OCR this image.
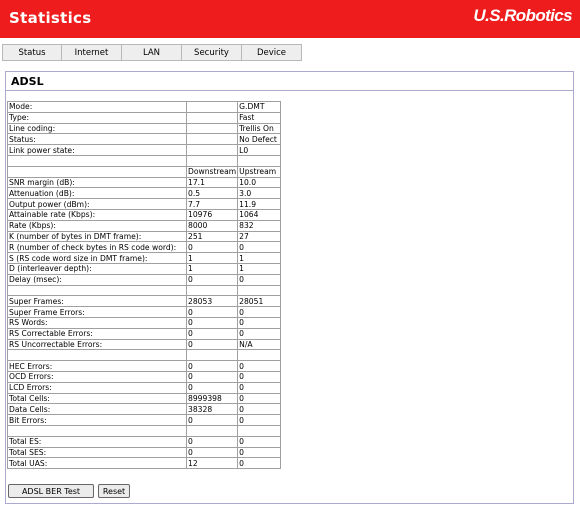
Statistics	U.S.Robotics
Status	Internet	LAN	Security	Device
ADSL
Mode:		G.DMT
Type:		Fast
Line coding:		Trellis On
Status:		No Defect
Link power state:		L0

	Downstream	Upstream
SNR margin (dB):	17.1	10.0
Attenuation (dB):	0.5	3.0
Output power (dBm):	7.7	11.9
Attainable rate (Kbps):	10976	1064
Rate (Kbps):	8000	832
K (number of bytes in DMT frame):	251	27
R (number of check bytes in RS code word):	0	0
S (RS code word size in DMT frame):	1	1
D (interleaver depth):	1	1
Delay (msec):	0	0

Super Frames:	28053	28051
Super Frame Errors:	0	0
RS Words:	0	0
RS Correctable Errors:	0	0
RS Uncorrectable Errors:	0	N/A

HEC Errors:	0	0
OCD Errors:	0	0
LCD Errors:	0	0
Total Cells:	8999398	0
Data Cells:	38328	0
Bit Errors:	0	0

Total ES:	0	0
Total SES:	0	0
Total UAS:	12	0
ADSL BER Test	Reset
